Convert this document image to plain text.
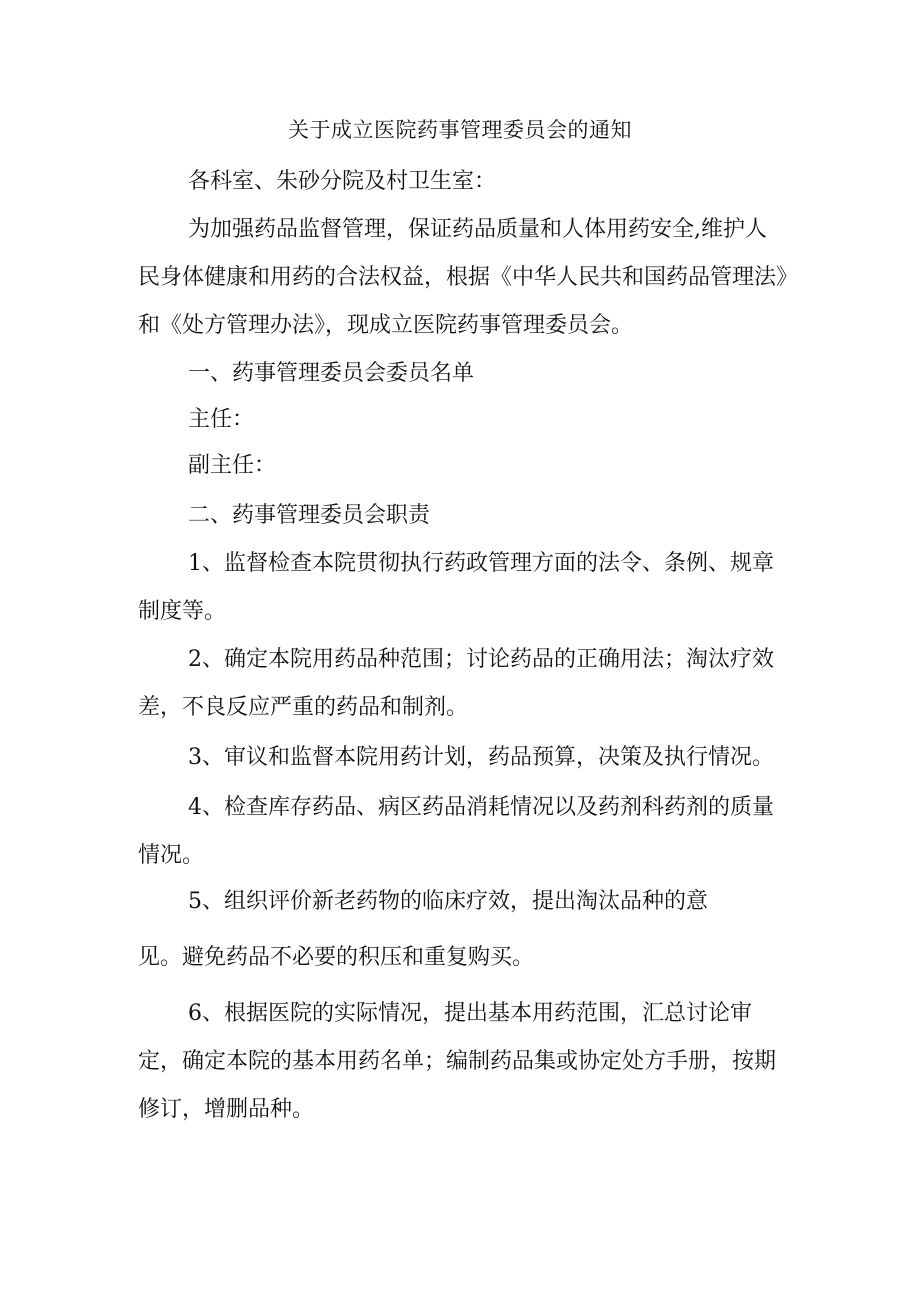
关于成立医院药事管理委员会的通知
各科室、朱砂分院及村卫生室：
为加强药品监督管理，保证药品质量和人体用药安全,维护人民身体健康和用药的合法权益，根据《中华人民共和国药品管理法》和《处方管理办法》，现成立医院药事管理委员会。
一、药事管理委员会委员名单
主任：
副主任：
二、药事管理委员会职责
1、监督检查本院贯彻执行药政管理方面的法令、条例、规章制度等。
2、确定本院用药品种范围；讨论药品的正确用法；淘汰疗效差，不良反应严重的药品和制剂。
3、审议和监督本院用药计划，药品预算，决策及执行情况。
4、检查库存药品、病区药品消耗情况以及药剂科药剂的质量情况。
5、组织评价新老药物的临床疗效，提出淘汰品种的意
见。避免药品不必要的积压和重复购买。
6、根据医院的实际情况，提出基本用药范围，汇总讨论审定，确定本院的基本用药名单；编制药品集或协定处方手册，按期修订，增删品种。
